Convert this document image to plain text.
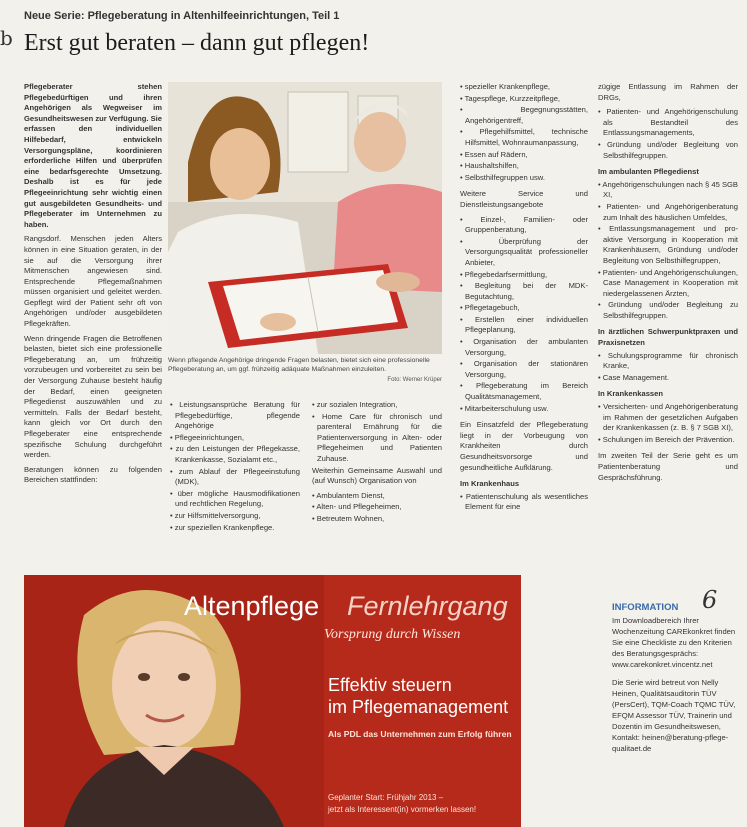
b
Neue Serie: Pflegeberatung in Altenhilfeeinrichtungen, Teil 1
Erst gut beraten – dann gut pflegen!

Pflegeberater stehen Pflegebedürftigen und ihren Angehörigen als Wegweiser im Gesundheitswesen zur Verfügung. Sie erfassen den individuellen Hilfebedarf, entwickeln Versorgungspläne, koordinieren erforderliche Hilfen und überprüfen eine bedarfsgerechte Umsetzung. Deshalb ist es für jede Pflegeeinrichtung sehr wichtig einen gut ausgebildeten Gesundheits- und Pflegeberater im Unternehmen zu haben.

Rangsdorf. Menschen jeden Alters können in eine Situation geraten, in der sie auf die Versorgung ihrer Mitmenschen angewiesen sind. Entsprechende Pflegemaßnahmen müssen organisiert und geleitet werden. Gepflegt wird der Patient sehr oft von Angehörigen und/oder ausgebildeten Pflegekräften.

Wenn dringende Fragen die Betroffenen belasten, bietet sich eine professionelle Pflegeberatung an, um frühzeitig vorzubeugen und vorbereitet zu sein bei der Versorgung Zuhause besteht häufig der Bedarf, einen geeigneten Pflegedienst auszuwählen und zu vermitteln. Falls der Bedarf besteht, kann gleich vor Ort durch den Pflegeberater eine entsprechende spezifische Schulung durchgeführt werden.

Beratungen können zu folgenden Bereichen stattfinden:

Wenn pflegende Angehörige dringende Fragen belasten, bietet sich eine professionelle Pflegeberatung an, um ggf. frühzeitig adäquate Maßnahmen einzuleiten.
Foto: Werner Krüper
• Leistungsansprüche Beratung für Pflegebedürftige, pflegende Angehörige
• Pflegeeinrichtungen,
• zu den Leistungen der Pflegekasse, Krankenkasse, Sozialamt etc.,
• zum Ablauf der Pflegeeinstufung (MDK),
• über mögliche Hausmodifikationen und rechtlichen Regelung,
• zur Hilfsmittelversorgung,
• zur speziellen Krankenpflege.
• zur sozialen Integration,
• Home Care für chronisch und parenteral Ernährung für die Patientenversorgung in Alten- oder Pflegeheimen und Patienten Zuhause.

Weiterhin Gemeinsame Auswahl und (auf Wunsch) Organisation von

• Ambulantem Dienst,
• Alten- und Pflegeheimen,
• Betreutem Wohnen,
• spezieller Krankenpflege,
• Tagespflege, Kurzzeitpflege,
• Begegnungsstätten, Angehörigentreff,
• Pflegehilfsmittel, technische Hilfsmittel, Wohnraumanpassung,
• Essen auf Rädern,
• Haushaltshilfen,
• Selbsthilfegruppen usw.

Weitere Service und Dienstleistungsangebote

• Einzel-, Familien- oder Gruppenberatung,
• Überprüfung der Versorgungsqualität professioneller Anbieter,
• Pflegebedarfsermittlung,
• Begleitung bei der MDK-Begutachtung,
• Pflegetagebuch,
• Erstellen einer individuellen Pflegeplanung,
• Organisation der ambulanten Versorgung,
• Organisation der stationären Versorgung,
• Pflegeberatung im Bereich Qualitätsmanagement,
• Mitarbeiterschulung usw.

Ein Einsatzfeld der Pflegeberatung liegt in der Vorbeugung von Krankheiten durch Gesundheitsvorsorge und gesundheitliche Aufklärung.

Im Krankenhaus
• Patientenschulung als wesentliches Element für eine

zügige Entlassung im Rahmen der DRGs,

• Patienten- und Angehörigenschulung als Bestandteil des Entlassungsmanagements,
• Gründung und/oder Begleitung von Selbsthilfegruppen.
Im ambulanten Pflegedienst
• Angehörigenschulungen nach § 45 SGB XI,
• Patienten- und Angehörigenberatung zum Inhalt des häuslichen Umfeldes,
• Entlassungsmanagement und pro-aktive Versorgung in Kooperation mit Krankenhäusern, Gründung und/oder Begleitung von Selbsthilfegruppen,
• Patienten- und Angehörigenschulungen, Case Management in Kooperation mit niedergelassenen Ärzten,
• Gründung und/oder Begleitung zu Selbsthilfegruppen.
In ärztlichen Schwerpunktpraxen und Praxisnetzen
• Schulungsprogramme für chronisch Kranke,
• Case Management.
In Krankenkassen
• Versicherten- und Angehörigenberatung im Rahmen der gesetzlichen Aufgaben der Krankenkassen (z. B. § 7 SGB XI),
• Schulungen im Bereich der Prävention.

Im zweiten Teil der Serie geht es um Patientenberatung und Gesprächsführung.

6
INFORMATION

Im Downloadbereich Ihrer Wochenzeitung CAREkonkret finden Sie eine Checkliste zu den Kriterien des Beratungsgesprächs: www.carekonkret.vincentz.net

Die Serie wird betreut von Nelly Heinen, Qualitätsauditorin TÜV (PersCert), TQM-Coach TQMC TÜV, EFQM Assessor TÜV, Trainerin und Dozentin im Gesundheitswesen, Kontakt: heinen@beratung-pflege-qualitaet.de

Altenpflege Fernlehrgang
Vorsprung durch Wissen
Effektiv steuern
im Pflegemanagement
Als PDL das Unternehmen zum Erfolg führen
Geplanter Start: Frühjahr 2013 –
jetzt als Interessent(in) vormerken lassen!
